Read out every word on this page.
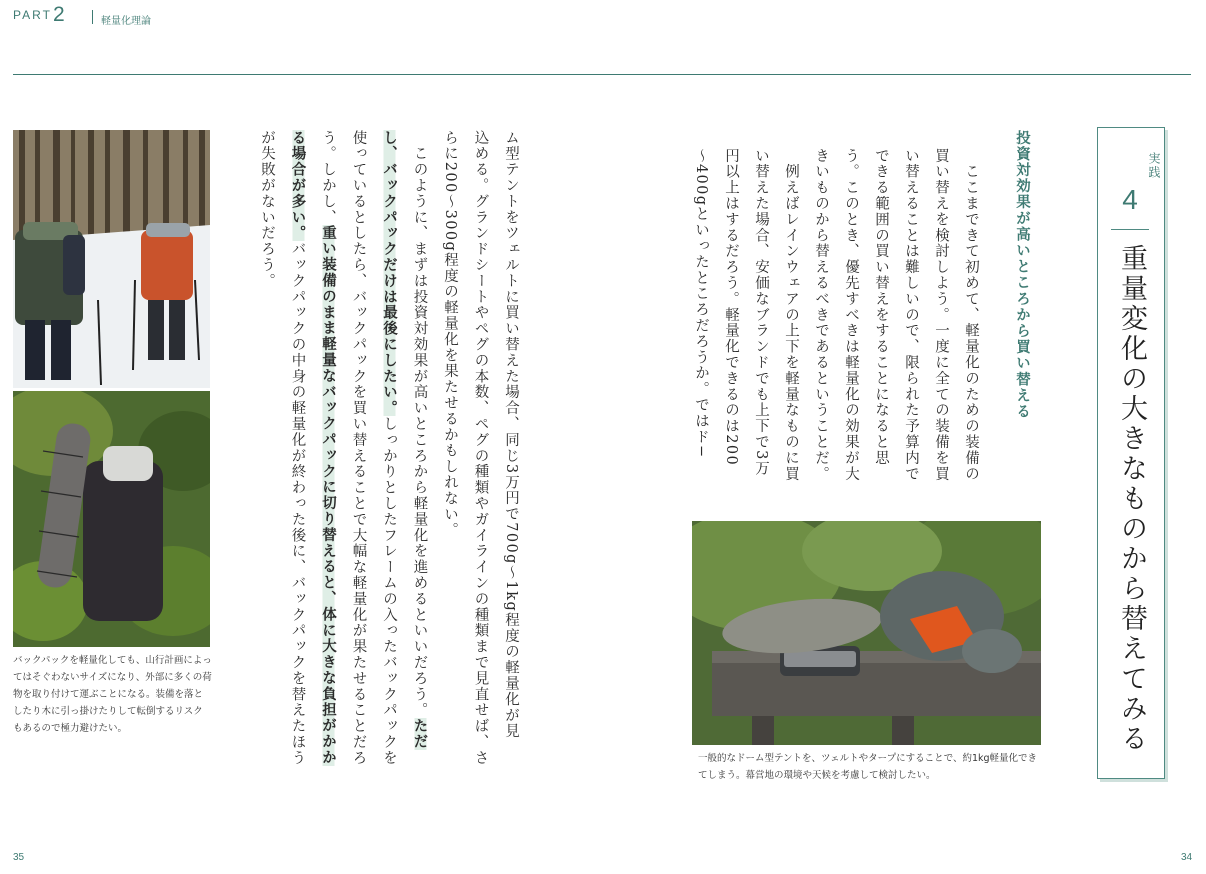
PART 2	軽量化理論
実践
4
重量変化の大きなものから替えてみる
投資対効果が高いところから買い替える
　ここまできて初めて、軽量化のための装備の
買い替えを検討しよう。一度に全ての装備を買
い替えることは難しいので、限られた予算内で
できる範囲の買い替えをすることになると思
う。このとき、優先すべきは軽量化の効果が大
きいものから替えるべきであるということだ。
　例えばレインウェアの上下を軽量なものに買
い替えた場合、安価なブランドでも上下で3万
円以上はするだろう。軽量化できるのは200
～400gといったところだろうか。ではド−
ム型テントをツェルトに買い替えた場合、同じ3万円で700g～1kg程度の軽量化が見
込める。グランドシートやペグの本数、ペグの種類やガイラインの種類まで見直せば、さ
らに200～300g程度の軽量化を果たせるかもしれない。
　このように、まずは投資対効果が高いところから軽量化を進めるといいだろう。ただ
し、バックパックだけは最後にしたい。しっかりとしたフレームの入ったバックパックを
使っているとしたら、バックパックを買い替えることで大幅な軽量化が果たせることだろ
う。しかし、重い装備のまま軽量なバックパックに切り替えると、体に大きな負担がかか
る場合が多い。バックパックの中身の軽量化が終わった後に、バックパックを替えたほう
が失敗がないだろう。
バックパックを軽量化しても、山行計画によってはそぐわないサイズになり、外部に多くの荷物を取り付けて運ぶことになる。装備を落としたり木に引っ掛けたりして転倒するリスクもあるので極力避けたい。
一般的なドーム型テントを、ツェルトやタープにすることで、約1kg軽量化できてしまう。幕営地の環境や天候を考慮して検討したい。
35	34
